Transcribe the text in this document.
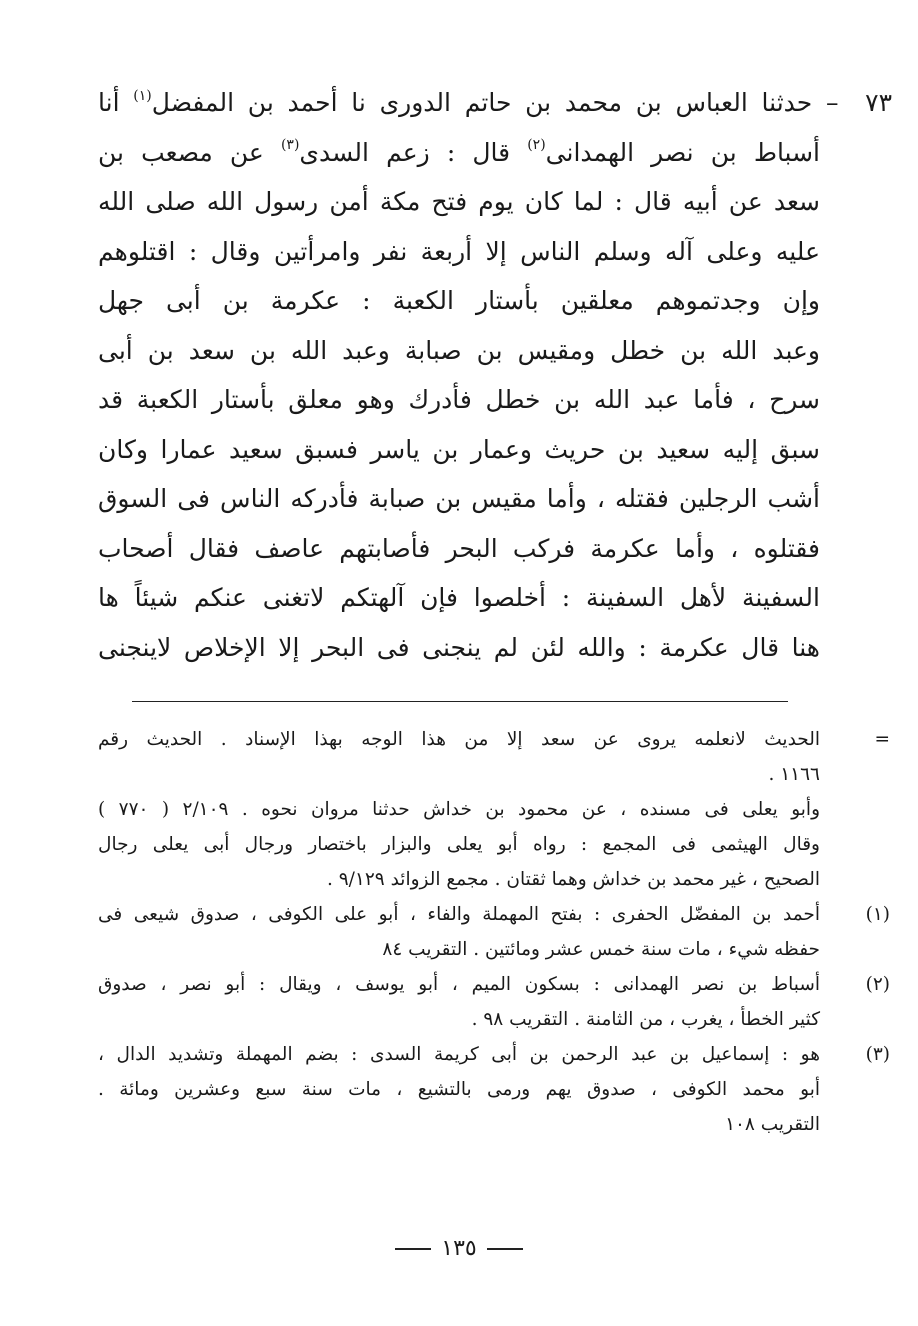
٧٣ – حدثنا العباس بن محمد بن حاتم الدورى نا أحمد بن المفضل$^{(١)}$ أنا
أسباط بن نصر الهمدانى$^{(٢)}$ قال : زعم السدى$^{(٣)}$ عن مصعب بن
سعد عن أبيه قال : لما كان يوم فتح مكة أمن رسول الله صلى الله
عليه وعلى آله وسلم الناس إلا أربعة نفر وامرأتين وقال : اقتلوهم
وإن وجدتموهم معلقين بأستار الكعبة : عكرمة بن أبى جهل
وعبد الله بن خطل ومقيس بن صبابة وعبد الله بن سعد بن أبى
سرح ، فأما عبد الله بن خطل فأدرك وهو معلق بأستار الكعبة قد
سبق إليه سعيد بن حريث وعمار بن ياسر فسبق سعيد عمارا وكان
أشب الرجلين فقتله ، وأما مقيس بن صبابة فأدركه الناس فى السوق
فقتلوه ، وأما عكرمة فركب البحر فأصابتهم عاصف فقال أصحاب
السفينة لأهل السفينة : أخلصوا فإن آلهتكم لاتغنى عنكم شيئاً ها
هنا قال عكرمة : والله لئن لم ينجنى فى البحر إلا الإخلاص لاينجنى
=
الحديث لانعلمه يروى عن سعد إلا من هذا الوجه بهذا الإسناد . الحديث رقم
١١٦٦ .
وأبو يعلى فى مسنده ، عن محمود بن خداش حدثنا مروان نحوه . ٢/١٠٩ ( ٧٧٠ )
وقال الهيثمى فى المجمع : رواه أبو يعلى والبزار باختصار ورجال أبى يعلى رجال
الصحيح ، غير محمد بن خداش وهما ثقتان . مجمع الزوائد ٩/١٢٩ .
(١)
أحمد بن المفضّل الحفرى : بفتح المهملة والفاء ، أبو على الكوفى ، صدوق شيعى فى
حفظه شيء ، مات سنة خمس عشر ومائتين . التقريب ٨٤
(٢)
أسباط بن نصر الهمدانى : بسكون الميم ، أبو يوسف ، ويقال : أبو نصر ، صدوق
كثير الخطأ ، يغرب ، من الثامنة . التقريب ٩٨ .
(٣)
هو : إسماعيل بن عبد الرحمن بن أبى كريمة السدى : بضم المهملة وتشديد الدال ،
أبو محمد الكوفى ، صدوق يهم ورمى بالتشيع ، مات سنة سبع وعشرين ومائة .
التقريب ١٠٨
١٣٥
